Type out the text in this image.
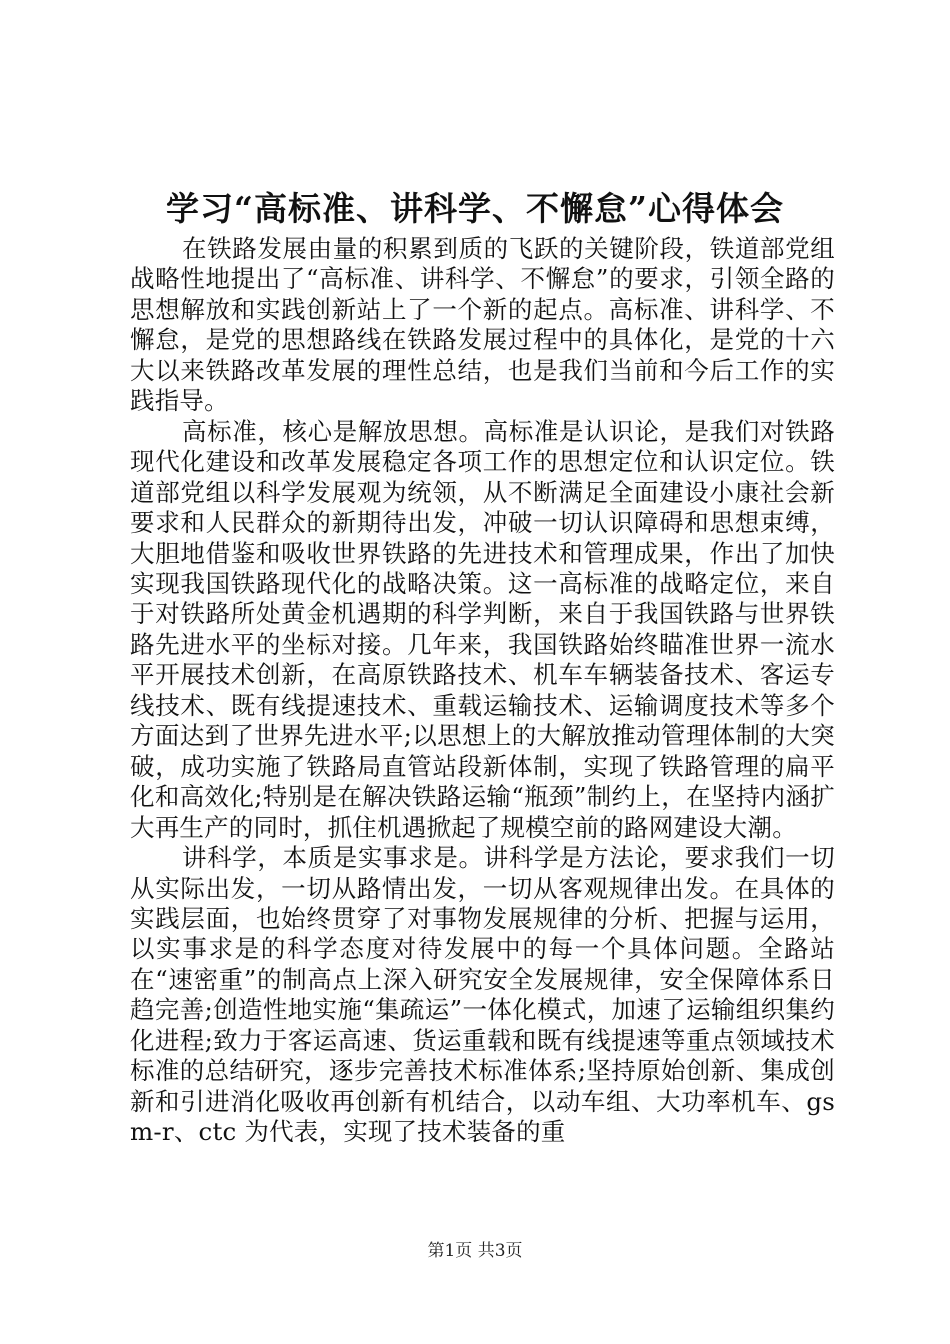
学习“高标准、讲科学、不懈怠”心得体会

在铁路发展由量的积累到质的飞跃的关键阶段，铁道部党组战略性地提出了“高标准、讲科学、不懈怠”的要求，引领全路的思想解放和实践创新站上了一个新的起点。高标准、讲科学、不懈怠，是党的思想路线在铁路发展过程中的具体化，是党的十六大以来铁路改革发展的理性总结，也是我们当前和今后工作的实践指导。

高标准，核心是解放思想。高标准是认识论，是我们对铁路现代化建设和改革发展稳定各项工作的思想定位和认识定位。铁道部党组以科学发展观为统领，从不断满足全面建设小康社会新要求和人民群众的新期待出发，冲破一切认识障碍和思想束缚，大胆地借鉴和吸收世界铁路的先进技术和管理成果，作出了加快实现我国铁路现代化的战略决策。这一高标准的战略定位，来自于对铁路所处黄金机遇期的科学判断，来自于我国铁路与世界铁路先进水平的坐标对接。几年来，我国铁路始终瞄准世界一流水平开展技术创新，在高原铁路技术、机车车辆装备技术、客运专线技术、既有线提速技术、重载运输技术、运输调度技术等多个方面达到了世界先进水平;以思想上的大解放推动管理体制的大突破，成功实施了铁路局直管站段新体制，实现了铁路管理的扁平化和高效化;特别是在解决铁路运输“瓶颈”制约上，在坚持内涵扩大再生产的同时，抓住机遇掀起了规模空前的路网建设大潮。

讲科学，本质是实事求是。讲科学是方法论，要求我们一切从实际出发，一切从路情出发，一切从客观规律出发。在具体的实践层面，也始终贯穿了对事物发展规律的分析、把握与运用，以实事求是的科学态度对待发展中的每一个具体问题。全路站在“速密重”的制高点上深入研究安全发展规律，安全保障体系日趋完善;创造性地实施“集疏运”一体化模式，加速了运输组织集约化进程;致力于客运高速、货运重载和既有线提速等重点领域技术标准的总结研究，逐步完善技术标准体系;坚持原始创新、集成创新和引进消化吸收再创新有机结合，以动车组、大功率机车、gsm-r、ctc 为代表，实现了技术装备的重

第1页 共3页
